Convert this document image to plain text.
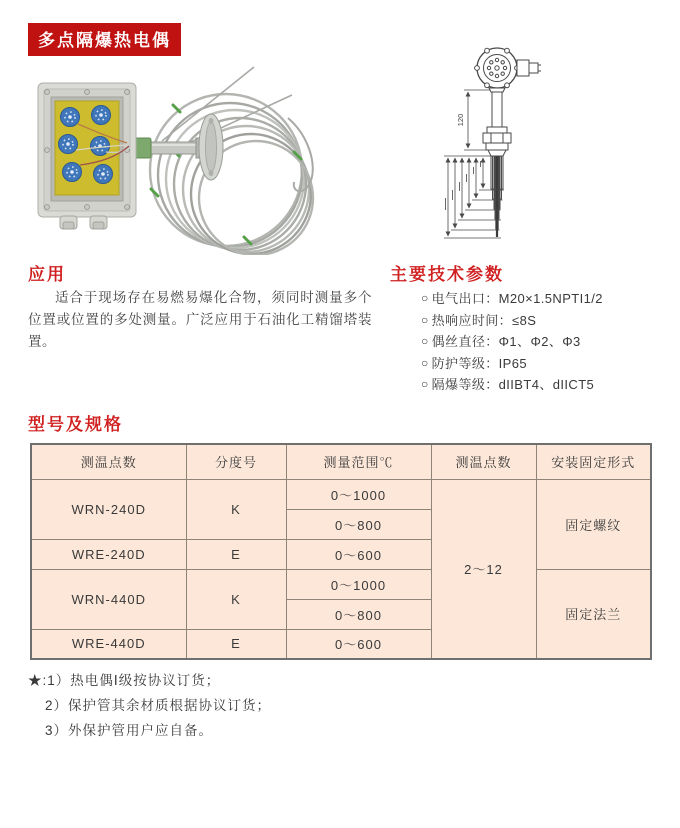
多点隔爆热电偶
120
应用

适合于现场存在易燃易爆化合物，须同时测量多个位置或位置的多处测量。广泛应用于石油化工精馏塔装置。

主要技术参数
○ 电气出口：M20×1.5NPTI1/2
○ 热响应时间：≤8S
○ 偶丝直径：Φ1、Φ2、Φ3
○ 防护等级：IP65
○ 隔爆等级：dIIBT4、dIICT5
型号及规格
测温点数	分度号	测量范围℃	测温点数	安装固定形式
WRN-240D	K	0～1000	2～12	固定螺纹
		0～800		
WRE-240D	E	0～600		
WRN-440D	K	0～1000		固定法兰
		0～800		
WRE-440D	E	0～600		
★:1）热电偶Ⅰ级按协议订货；
2）保护管其余材质根据协议订货；
3）外保护管用户应自备。
